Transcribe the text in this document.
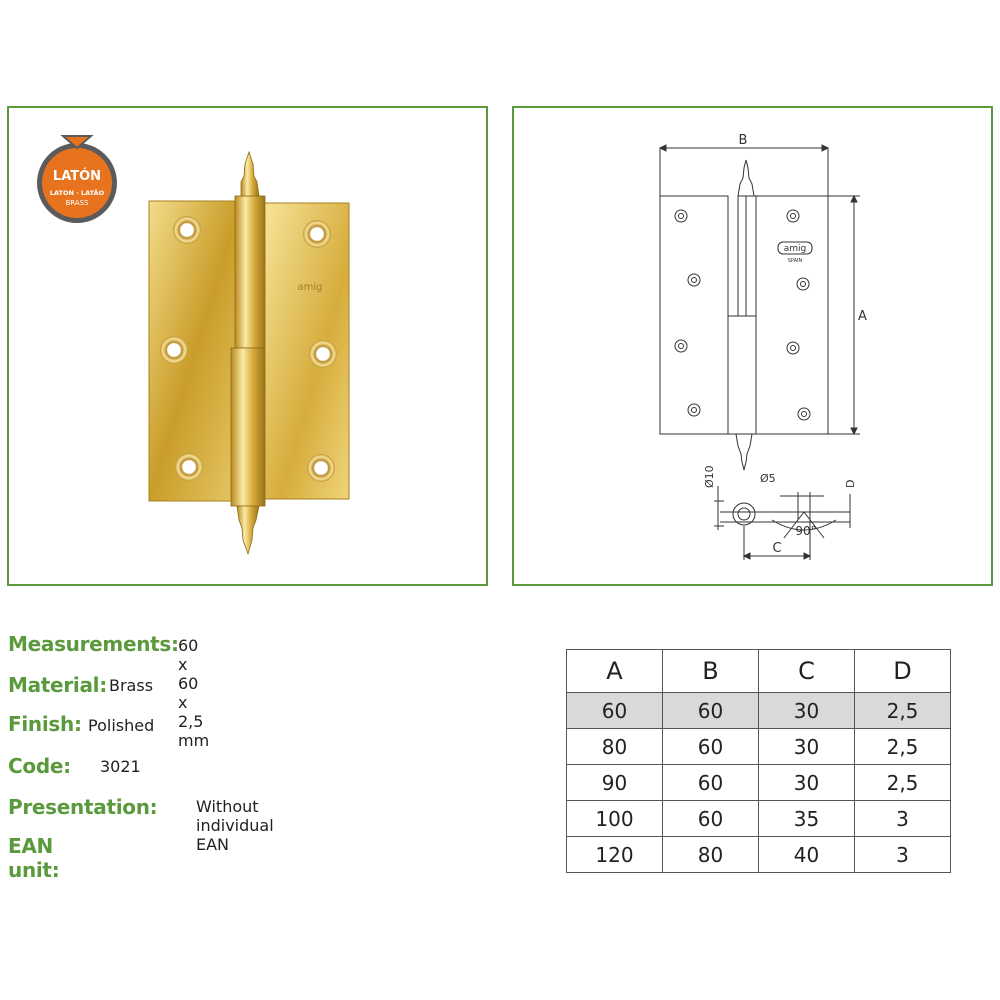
LATÓN
LATON · LATÃO
BRASS
amig
B
amig
SPAIN
A
Ø10	Ø5
90°
D
C
Measurements: 60 x 60 x 2,5 mm
Material: Brass
Finish: Polished
Code: 3021
Presentation: Without individual EAN
EAN unit:
A	B	C	D
60	60	30	2,5
80	60	30	2,5
90	60	30	2,5
100	60	35	3
120	80	40	3
